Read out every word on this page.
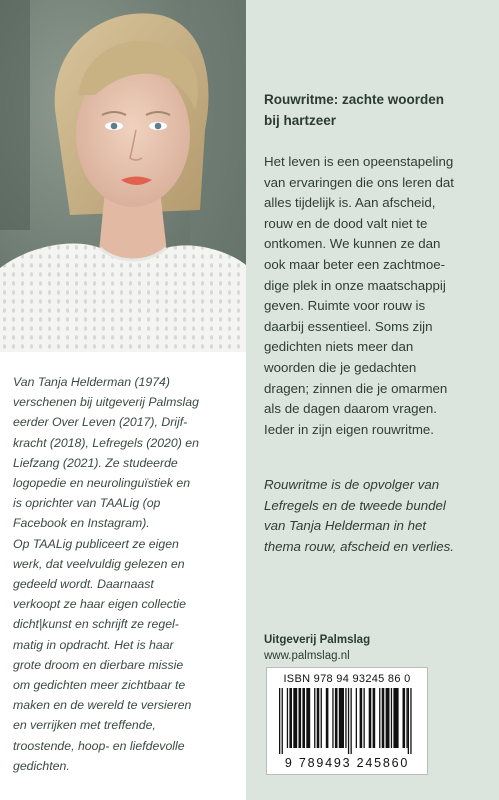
Van Tanja Helderman (1974)
verschenen bij uitgeverij Palmslag
eerder Over Leven (2017), Drijf-
kracht (2018), Lefregels (2020) en
Liefzang (2021). Ze studeerde
logopedie en neurolinguïstiek en
is oprichter van TAALig (op
Facebook en Instagram).
Op TAALig publiceert ze eigen
werk, dat veelvuldig gelezen en
gedeeld wordt. Daarnaast
verkoopt ze haar eigen collectie
dicht|kunst en schrijft ze regel-
matig in opdracht. Het is haar
grote droom en dierbare missie
om gedichten meer zichtbaar te
maken en de wereld te versieren
en verrijken met treffende,
troostende, hoop- en liefdevolle
gedichten.

Rouwritme: zachte woorden
bij hartzeer
Het leven is een opeenstapeling
van ervaringen die ons leren dat
alles tijdelijk is. Aan afscheid,
rouw en de dood valt niet te
ontkomen. We kunnen ze dan
ook maar beter een zachtmoe-
dige plek in onze maatschappij
geven. Ruimte voor rouw is
daarbij essentieel. Soms zijn
gedichten niets meer dan
woorden die je gedachten
dragen; zinnen die je omarmen
als de dagen daarom vragen.
Ieder in zijn eigen rouwritme.
Rouwritme is de opvolger van
Lefregels en de tweede bundel
van Tanja Helderman in het
thema rouw, afscheid en verlies.
Uitgeverij Palmslag
www.palmslag.nl
ISBN 978 94 93245 86 0
9 789493 245860
